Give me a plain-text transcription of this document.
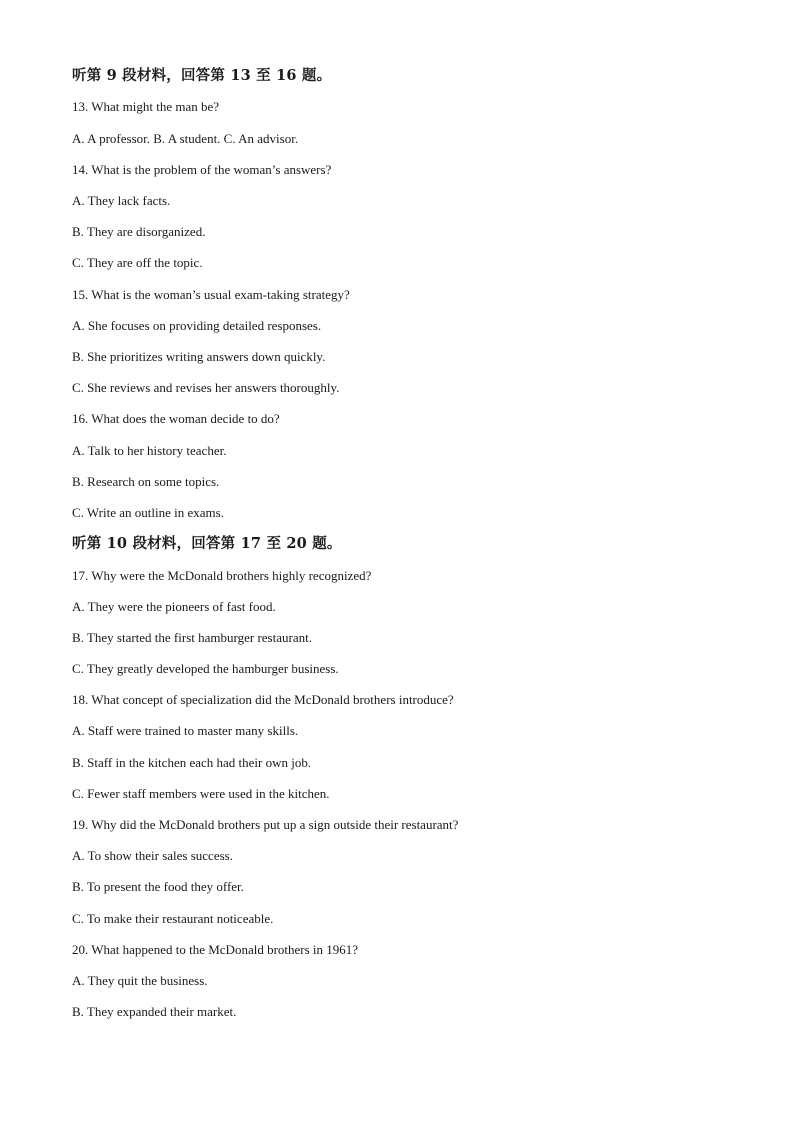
听第 9 段材料，回答第 13 至 16 题。
13. What might the man be?
A. A professor. B. A student. C. An advisor.
14. What is the problem of the woman’s answers?
A. They lack facts.
B. They are disorganized.
C. They are off the topic.
15. What is the woman’s usual exam-taking strategy?
A. She focuses on providing detailed responses.
B. She prioritizes writing answers down quickly.
C. She reviews and revises her answers thoroughly.
16. What does the woman decide to do?
A. Talk to her history teacher.
B. Research on some topics.
C. Write an outline in exams.
听第 10 段材料，回答第 17 至 20 题。
17. Why were the McDonald brothers highly recognized?
A. They were the pioneers of fast food.
B. They started the first hamburger restaurant.
C. They greatly developed the hamburger business.
18. What concept of specialization did the McDonald brothers introduce?
A. Staff were trained to master many skills.
B. Staff in the kitchen each had their own job.
C. Fewer staff members were used in the kitchen.
19. Why did the McDonald brothers put up a sign outside their restaurant?
A. To show their sales success.
B. To present the food they offer.
C. To make their restaurant noticeable.
20. What happened to the McDonald brothers in 1961?
A. They quit the business.
B. They expanded their market.
